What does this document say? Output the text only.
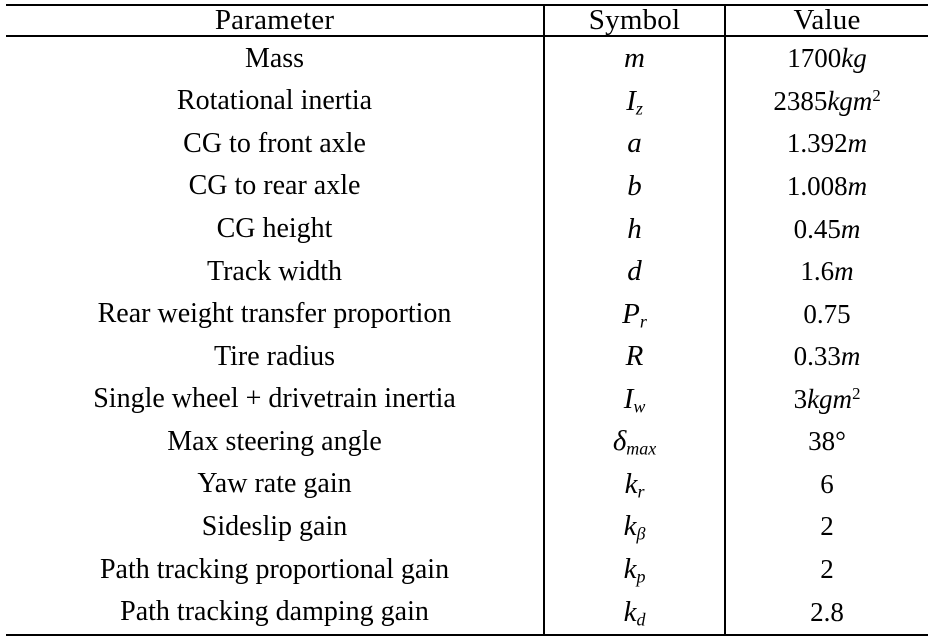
Parameter	Symbol	Value
Mass	m	1700kg
Rotational inertia	$I_z$	2385kgm$^2$
CG to front axle	a	1.392m
CG to rear axle	b	1.008m
CG height	h	0.45m
Track width	d	1.6m
Rear weight transfer proportion	$P_r$	0.75
Tire radius	R	0.33m
Single wheel + drivetrain inertia	$I_w$	3kgm$^2$
Max steering angle	$\delta_{max}$	38°
Yaw rate gain	$k_r$	6
Sideslip gain	$k_\beta$	2
Path tracking proportional gain	$k_p$	2
Path tracking damping gain	$k_d$	2.8
